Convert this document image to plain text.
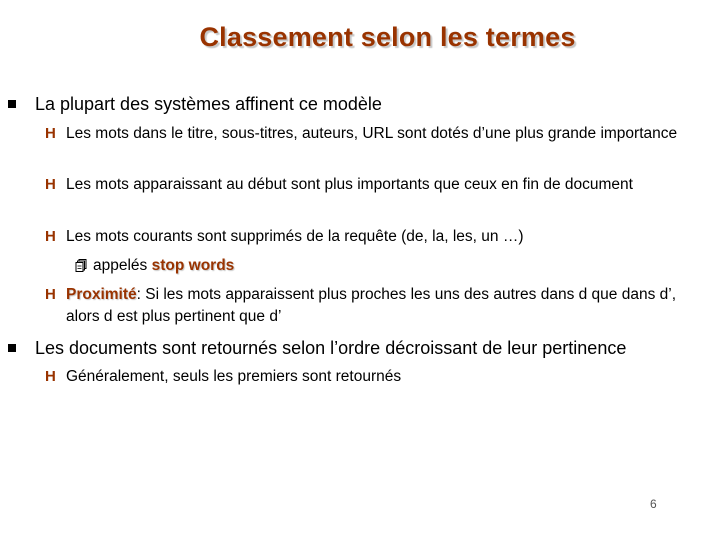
Classement selon les termes
La plupart des systèmes affinent ce modèle
H Les mots dans le titre, sous-titres, auteurs, URL sont dotés d’une plus grande importance
H Les mots apparaissant au début sont plus importants que ceux en fin de document
H Les mots courants sont supprimés de la requête (de, la, les, un …)
appelés stop words
H Proximité: Si les mots apparaissent plus proches les uns des autres dans d que dans d’, alors d est plus pertinent que d’
Les documents sont retournés selon l’ordre décroissant de leur pertinence
H Généralement, seuls les premiers sont retournés
6
